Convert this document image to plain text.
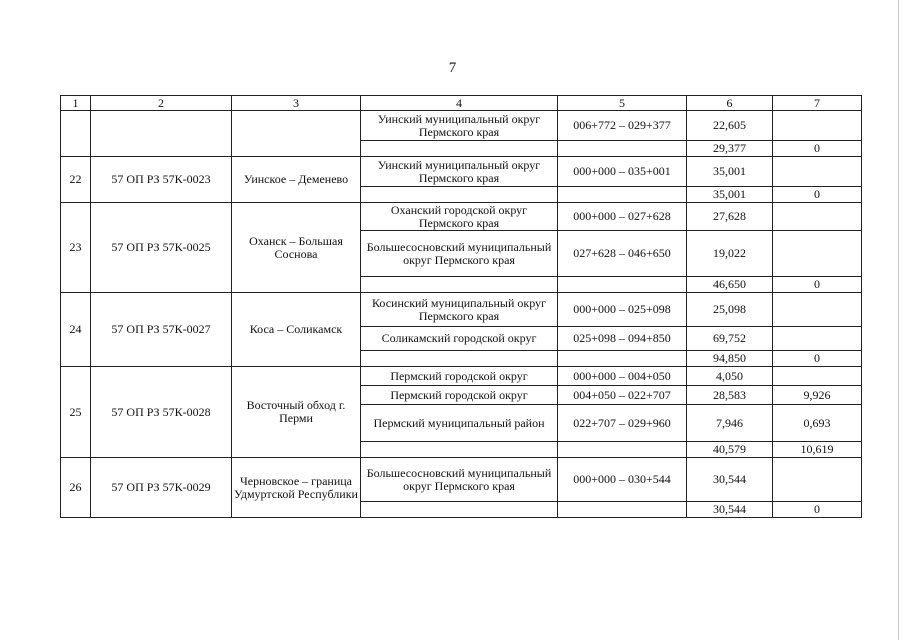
7
1	2	3	4	5	6	7
			Уинский муниципальный округ Пермского края	006+772 – 029+377	22,605	
					29,377	0
22	57 ОП РЗ 57К-0023	Уинское – Деменево	Уинский муниципальный округ Пермского края	000+000 – 035+001	35,001	
					35,001	0
23	57 ОП РЗ 57К-0025	Оханск – Большая Соснова	Оханский городской округ Пермского края	000+000 – 027+628	27,628	
			Большесосновский муниципальный округ Пермского края	027+628 – 046+650	19,022	
					46,650	0
24	57 ОП РЗ 57К-0027	Коса – Соликамск	Косинский муниципальный округ Пермского края	000+000 – 025+098	25,098	
			Соликамский городской округ	025+098 – 094+850	69,752	
					94,850	0
25	57 ОП РЗ 57К-0028	Восточный обход г. Перми	Пермский городской округ	000+000 – 004+050	4,050	
			Пермский городской округ	004+050 – 022+707	28,583	9,926
			Пермский муниципальный район	022+707 – 029+960	7,946	0,693
					40,579	10,619
26	57 ОП РЗ 57К-0029	Черновское – граница Удмуртской Республики	Большесосновский муниципальный округ Пермского края	000+000 – 030+544	30,544	
					30,544	0
